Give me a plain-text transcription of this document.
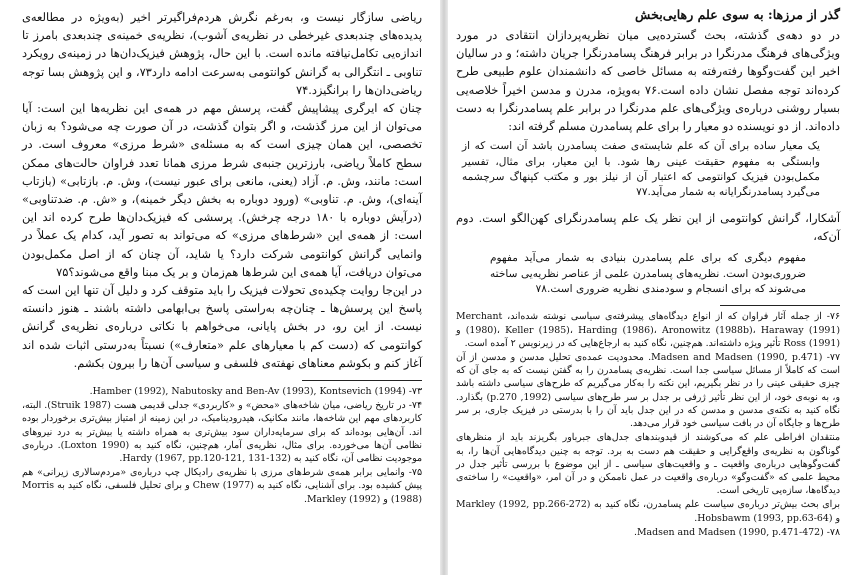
ریاضی سازگار نیست و، به‌رغم نگرش هردم‌فراگیرتر اخیر (به‌ویژه در مطالعه‌ی پدیده‌های چندبعدی غیرخطی در نظریه‌ی آشوب)، نظریه‌ی خمینه‌ی چندبعدی بامرز تا اندازه‌یی تکامل‌نیافته مانده است. با این حال، پژوهش فیزیک‌دان‌ها در زمینه‌ی رویکرد تناوبی ـ انتگرالی به گرانش کوانتومی به‌سرعت ادامه دارد۷۳، و این پژوهش بسا توجه ریاضی‌دان‌ها را برانگیزد.۷۴

چنان که ایرگری پیشاپیش گفت، پرسش مهم در همه‌ی این نظریه‌ها این است: آیا می‌توان از این مرز گذشت، و اگر بتوان گذشت، در آن صورت چه می‌شود؟ به زبان تخصصی، این همان چیزی است که به مسئله‌ی «شرط مرزی» معروف است. در سطح کاملاً ریاضی، بارزترین جنبه‌ی شرط مرزی همانا تعدد فراوان حالت‌های ممکن است: مانند، وش. م. آزاد (یعنی، مانعی برای عبور نیست)، وش. م. بازتابی» (بازتاب آینه‌ای)، وش. م. تناوبی» (ورود دوباره به بخش دیگر خمینه)، و «ش. م. ضدتناوبی» (درآیش دوباره با ۱۸۰ درجه چرخش). پرسشی که فیزیک‌دان‌ها طرح کرده اند این است: از همه‌ی این «شرط‌های مرزی» که می‌تواند به تصور آید، کدام یک عملاً در وانمایی گرانش کوانتومی شرکت دارد؟ یا شاید، آن چنان که از اصل مکمل‌بودن می‌توان دریافت، آیا همه‌ی این شرط‌ها هم‌زمان و بر یک مبنا واقع می‌شوند؟۷۵

در این‌جا روایت چکیده‌ی تحولات فیزیک را باید متوقف کرد و دلیل آن تنها این است که پاسخ این پرسش‌ها ـ چنان‌چه به‌راستی پاسخ بی‌ابهامی داشته باشند ـ هنوز دانسته نیست. از این رو، در بخش پایانی، می‌خواهم با نکاتی درباره‌ی نظریه‌ی گرانش کوانتومی که (دست کم با معیارهای علم «متعارف») نسبتاً به‌درستی اثبات شده اند آغاز کنم و بکوشم معناهای نهفته‌ی فلسفی و سیاسی آن‌ها را بیرون بکشم.

۷۳- Hamber (1992), Nabutosky and Ben-Av (1993), Kontsevich (1994).

۷۴- در تاریخ ریاضی، میان شاخه‌های «محض» و «کاربردی» جدلی قدیمی هست (Struik 1987). البته، کاربردهای مهم این شاخه‌ها، مانند مکانیک، هیدرودینامیک، در این زمینه از امتیاز بیش‌تری برخوردار بوده اند. آن‌هایی بوده‌اند که برای سرمایه‌داران سود بیش‌تری به همراه داشته یا بیش‌تر به درد نیروهای نظامی آن‌ها می‌خورده. برای مثال، نظریه‌ی آمار، هم‌چنین، نگاه کنید به (Loxton 1990). درباره‌ی موجودیت نظامی آن، نگاه کنید به Hardy (1967, pp.120-121, 131-132).

۷۵- وانمایی برابر همه‌ی شرط‌های مرزی با نظریه‌ی رادیکال چپ درباره‌ی «مردم‌سالاری زیرانی» هم پیش کشیده بود. برای آشنایی، نگاه کنید به Chew (1977) و برای تحلیل فلسفی، نگاه کنید به Morris (1988) و Markley (1992).

گذر از مرزها: به سوی علم رهایی‌بخش

در دو دهه‌ی گذشته، بحث گسترده‌یی میان نظریه‌پردازان انتقادی در مورد ویژگی‌های فرهنگ مدرنگرا در برابر فرهنگ پسامدرنگرا جریان داشته؛ و در سالیان اخیر این گفت‌وگوها رفته‌رفته به مسائل خاصی که دانشمندان علوم طبیعی طرح کرده‌اند توجه مفصل نشان داده است.۷۶ به‌ویژه، مدرن و مدسن اخیراً خلاصه‌یی بسیار روشنی درباره‌ی ویژگی‌های علم مدرنگرا در برابر علم پسامدرنگرا به دست داده‌اند. از دو نویسنده دو معیار را برای علم پسامدرن مسلم گرفته اند:

یک معیار ساده برای آن که علم شایسته‌ی صفت پسامدرن باشد آن است که از وابستگی به مفهوم حقیقت عینی رها شود. با این معیار، برای مثال، تفسیر مکمل‌بودن فیزیک کوانتومی که اعتبار آن از نیلز بور و مکتب کپنهاگ سرچشمه می‌گیرد پسامدرنگرایانه به شمار می‌آید.۷۷

آشکارا، گرانش کوانتومی از این نظر یک علم پسامدرنگرای کهن‌الگو است. دوم آن‌که،

مفهوم دیگری که برای علم پسامدرن بنیادی به شمار می‌آید مفهوم ضروری‌بودن است. نظریه‌های پسامدرن علمی از عناصر نظریه‌یی ساخته می‌شوند که برای انسجام و سودمندی نظریه ضروری است.۷۸

۷۶- از جمله آثار فراوان که از انواع دیدگاه‌های پیشرفته‌ی سیاسی نوشته شده‌اند، Merchant (1980)، Keller (1985)، Harding (1986)، Aronowitz (1988b)، Haraway (1991) و Ross (1991) تأثیر ویژه داشته‌اند. هم‌چنین، نگاه کنید به ارجاع‌هایی که در زیرنویس ۲ آمده است.

۷۷- Madsen and Madsen (1990, p.471). محدودیت عمده‌ی تحلیل مدسن و مدسن از آن است که کاملاً از مسائل سیاسی جدا است. نظریه‌ی پسامدرن را به گفتن نیست که به جای آن که چیزی حقیقی عینی را در نظر بگیریم، این نکته را به‌کار می‌گیریم که طرح‌های سیاسی داشته باشد و، به نوبه‌ی خود، از این نظر تأثیر ژرفی بر جدل بر سر طرح‌های سیاسی (1992, p.270) بگذارد. نگاه کنید به نکته‌ی مدسن و مدسن که در این جدل باید آن را با بدرستی در فیزیک جاری، بر سر طرح‌ها و جایگاه آن در بافت سیاسی خود قرار می‌دهد.

منتقدان افراطی علم که می‌کوشند از قیدوبندهای جدل‌های جبرباور بگریزند باید از منظرهای گوناگون به نظریه‌ی واقع‌گرایی و حقیقت هم دست به برد. توجه به چنین دیدگاه‌هایی آن‌ها را، به گفت‌وگوهایی درباره‌ی واقعیت ـ و واقعیت‌های سیاسی ـ از این موضوع با بررسی تأثیر جدل در محیط علمی که «گفت‌وگو» درباره‌ی واقعیت در عمل ناممکن و در آن امر، «واقعیت» را ساخته‌ی دیدگاه‌ها، سازه‌یی تاریخی است.

برای بحث بیش‌تر درباره‌ی سیاست علم پسامدرن، نگاه کنید به Markley (1992, pp.266-272) و Hobsbawm (1993, pp.63-64).

۷۸- Madsen and Madsen (1990, p.471-472).
